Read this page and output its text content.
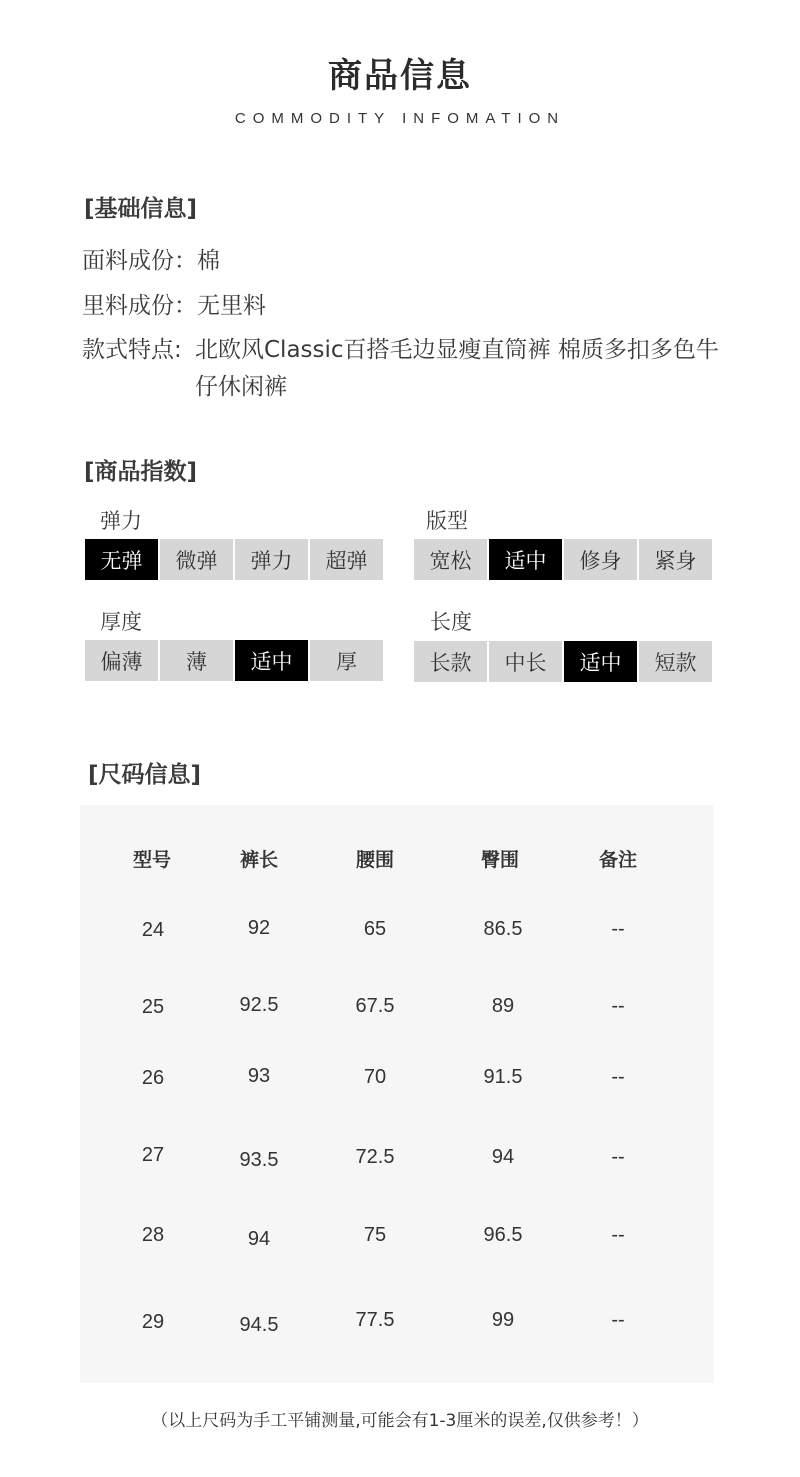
商品信息
COMMODITY INFOMATION
[基础信息]
面料成份：棉
里料成份：无里料
款式特点: 北欧风Classic百搭毛边显瘦直筒裤 棉质多扣多色牛仔休闲裤
[商品指数]
弹力
无弹	微弹	弹力	超弹
版型
宽松	适中	修身	紧身
厚度
偏薄	薄	适中	厚
长度
长款	中长	适中	短款
[尺码信息]
型号	裤长	腰围	臀围	备注
24	92	65	86.5	--
25	92.5	67.5	89	--
26	93	70	91.5	--
27	93.5	72.5	94	--
28	94	75	96.5	--
29	94.5	77.5	99	--
（以上尺码为手工平铺测量,可能会有1-3厘米的误差,仅供参考！）
